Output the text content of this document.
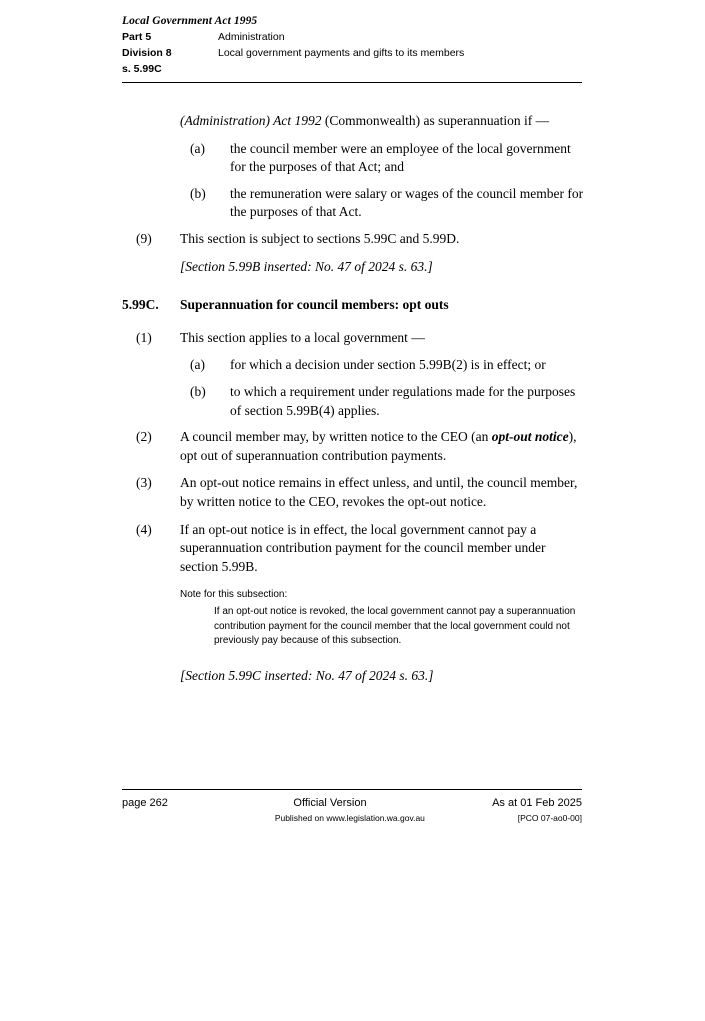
Local Government Act 1995
Part 5	Administration
Division 8	Local government payments and gifts to its members
s. 5.99C
(Administration) Act 1992 (Commonwealth) as superannuation if —
(a)	the council member were an employee of the local government for the purposes of that Act; and
(b)	the remuneration were salary or wages of the council member for the purposes of that Act.
(9)	This section is subject to sections 5.99C and 5.99D.
[Section 5.99B inserted: No. 47 of 2024 s. 63.]
5.99C. Superannuation for council members: opt outs
(1)	This section applies to a local government —
(a)	for which a decision under section 5.99B(2) is in effect; or
(b)	to which a requirement under regulations made for the purposes of section 5.99B(4) applies.
(2)	A council member may, by written notice to the CEO (an opt-out notice), opt out of superannuation contribution payments.
(3)	An opt-out notice remains in effect unless, and until, the council member, by written notice to the CEO, revokes the opt-out notice.
(4)	If an opt-out notice is in effect, the local government cannot pay a superannuation contribution payment for the council member under section 5.99B.
Note for this subsection:
If an opt-out notice is revoked, the local government cannot pay a superannuation contribution payment for the council member that the local government could not previously pay because of this subsection.
[Section 5.99C inserted: No. 47 of 2024 s. 63.]
page 262	Official Version	As at 01 Feb 2025
Published on www.legislation.wa.gov.au	[PCO 07-ao0-00]
